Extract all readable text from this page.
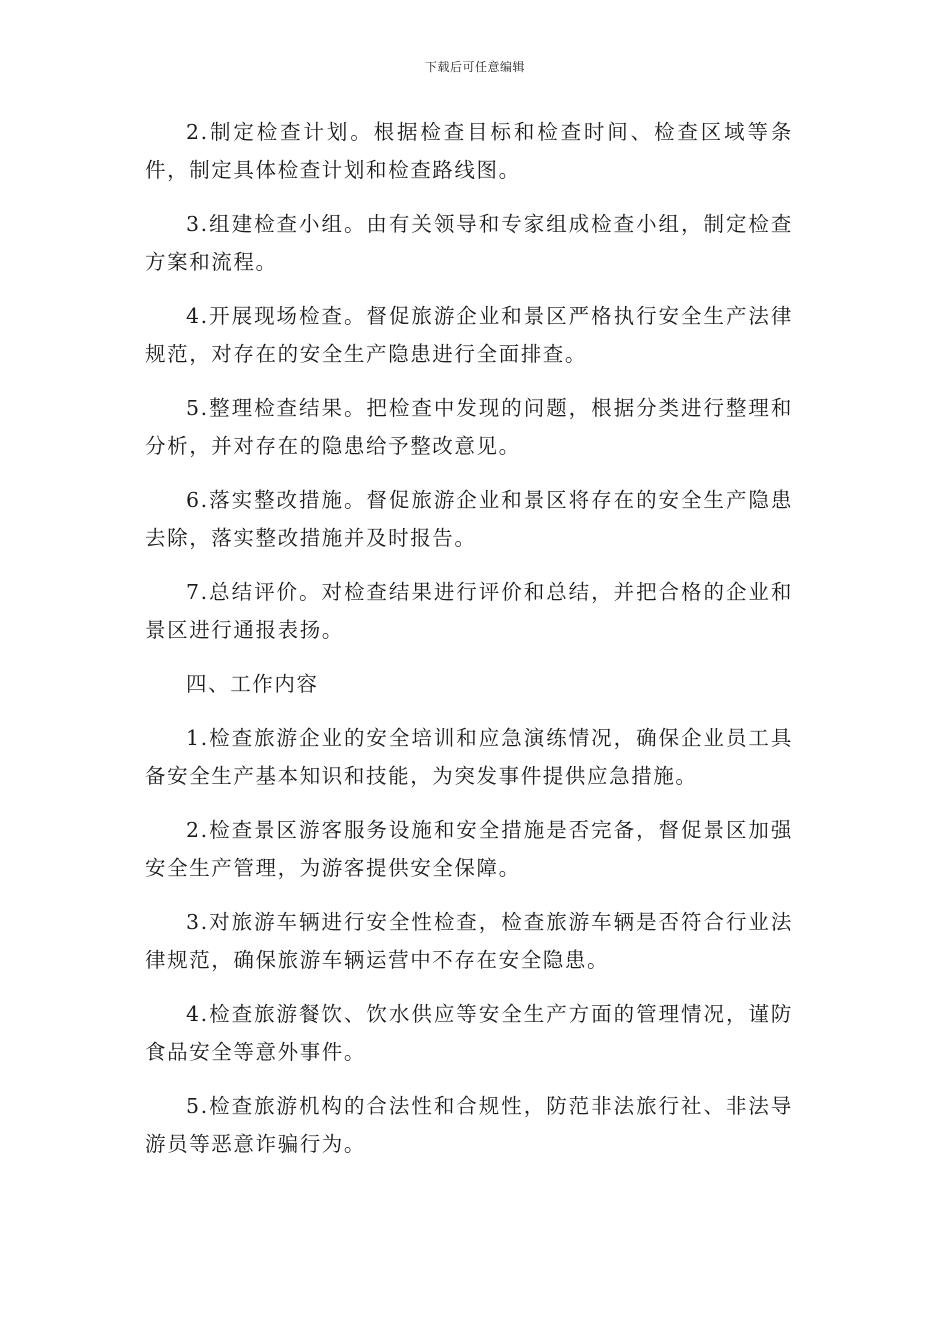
下载后可任意编辑

2.制定检查计划。根据检查目标和检查时间、检查区域等条件，制定具体检查计划和检查路线图。

3.组建检查小组。由有关领导和专家组成检查小组，制定检查方案和流程。

4.开展现场检查。督促旅游企业和景区严格执行安全生产法律规范，对存在的安全生产隐患进行全面排查。

5.整理检查结果。把检查中发现的问题，根据分类进行整理和分析，并对存在的隐患给予整改意见。

6.落实整改措施。督促旅游企业和景区将存在的安全生产隐患去除，落实整改措施并及时报告。

7.总结评价。对检查结果进行评价和总结，并把合格的企业和景区进行通报表扬。

四、工作内容

1.检查旅游企业的安全培训和应急演练情况，确保企业员工具备安全生产基本知识和技能，为突发事件提供应急措施。

2.检查景区游客服务设施和安全措施是否完备，督促景区加强安全生产管理，为游客提供安全保障。

3.对旅游车辆进行安全性检查，检查旅游车辆是否符合行业法律规范，确保旅游车辆运营中不存在安全隐患。

4.检查旅游餐饮、饮水供应等安全生产方面的管理情况，谨防食品安全等意外事件。

5.检查旅游机构的合法性和合规性，防范非法旅行社、非法导游员等恶意诈骗行为。
